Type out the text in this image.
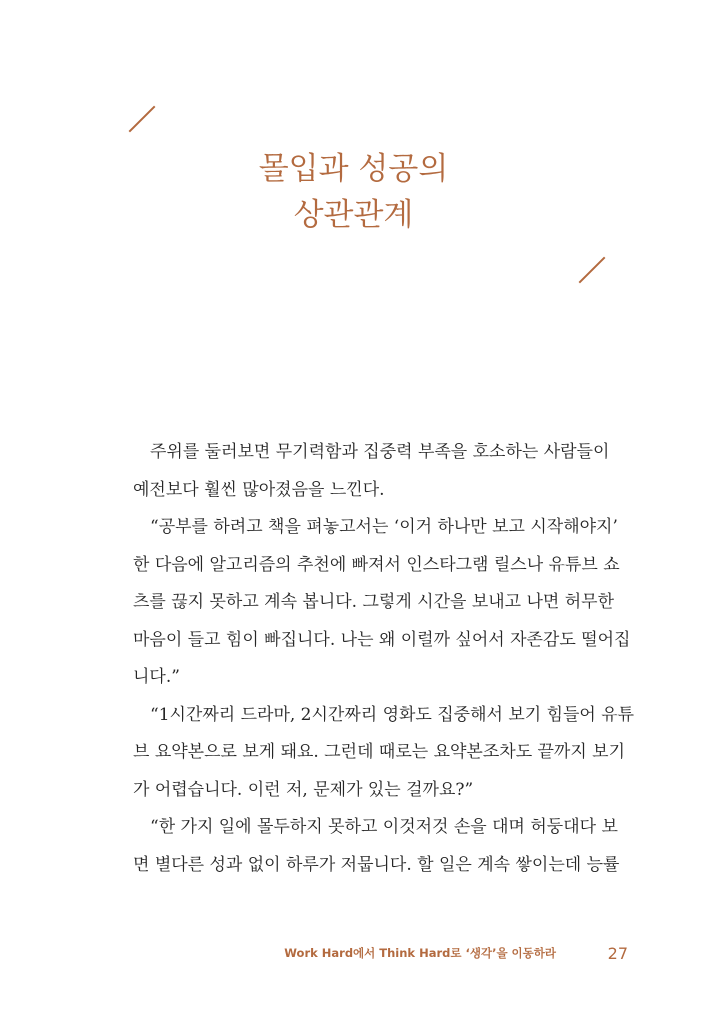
몰입과 성공의
상관관계
주위를 둘러보면 무기력함과 집중력 부족을 호소하는 사람들이
예전보다 훨씬 많아졌음을 느낀다.
“공부를 하려고 책을 펴놓고서는 ‘이거 하나만 보고 시작해야지’
한 다음에 알고리즘의 추천에 빠져서 인스타그램 릴스나 유튜브 쇼
츠를 끊지 못하고 계속 봅니다. 그렇게 시간을 보내고 나면 허무한
마음이 들고 힘이 빠집니다. 나는 왜 이럴까 싶어서 자존감도 떨어집
니다.”
“1시간짜리 드라마, 2시간짜리 영화도 집중해서 보기 힘들어 유튜
브 요약본으로 보게 돼요. 그런데 때로는 요약본조차도 끝까지 보기
가 어렵습니다. 이런 저, 문제가 있는 걸까요?”
“한 가지 일에 몰두하지 못하고 이것저것 손을 대며 허둥대다 보
면 별다른 성과 없이 하루가 저뭅니다. 할 일은 계속 쌓이는데 능률
Work Hard에서 Think Hard로 ‘생각’을 이동하라	27
